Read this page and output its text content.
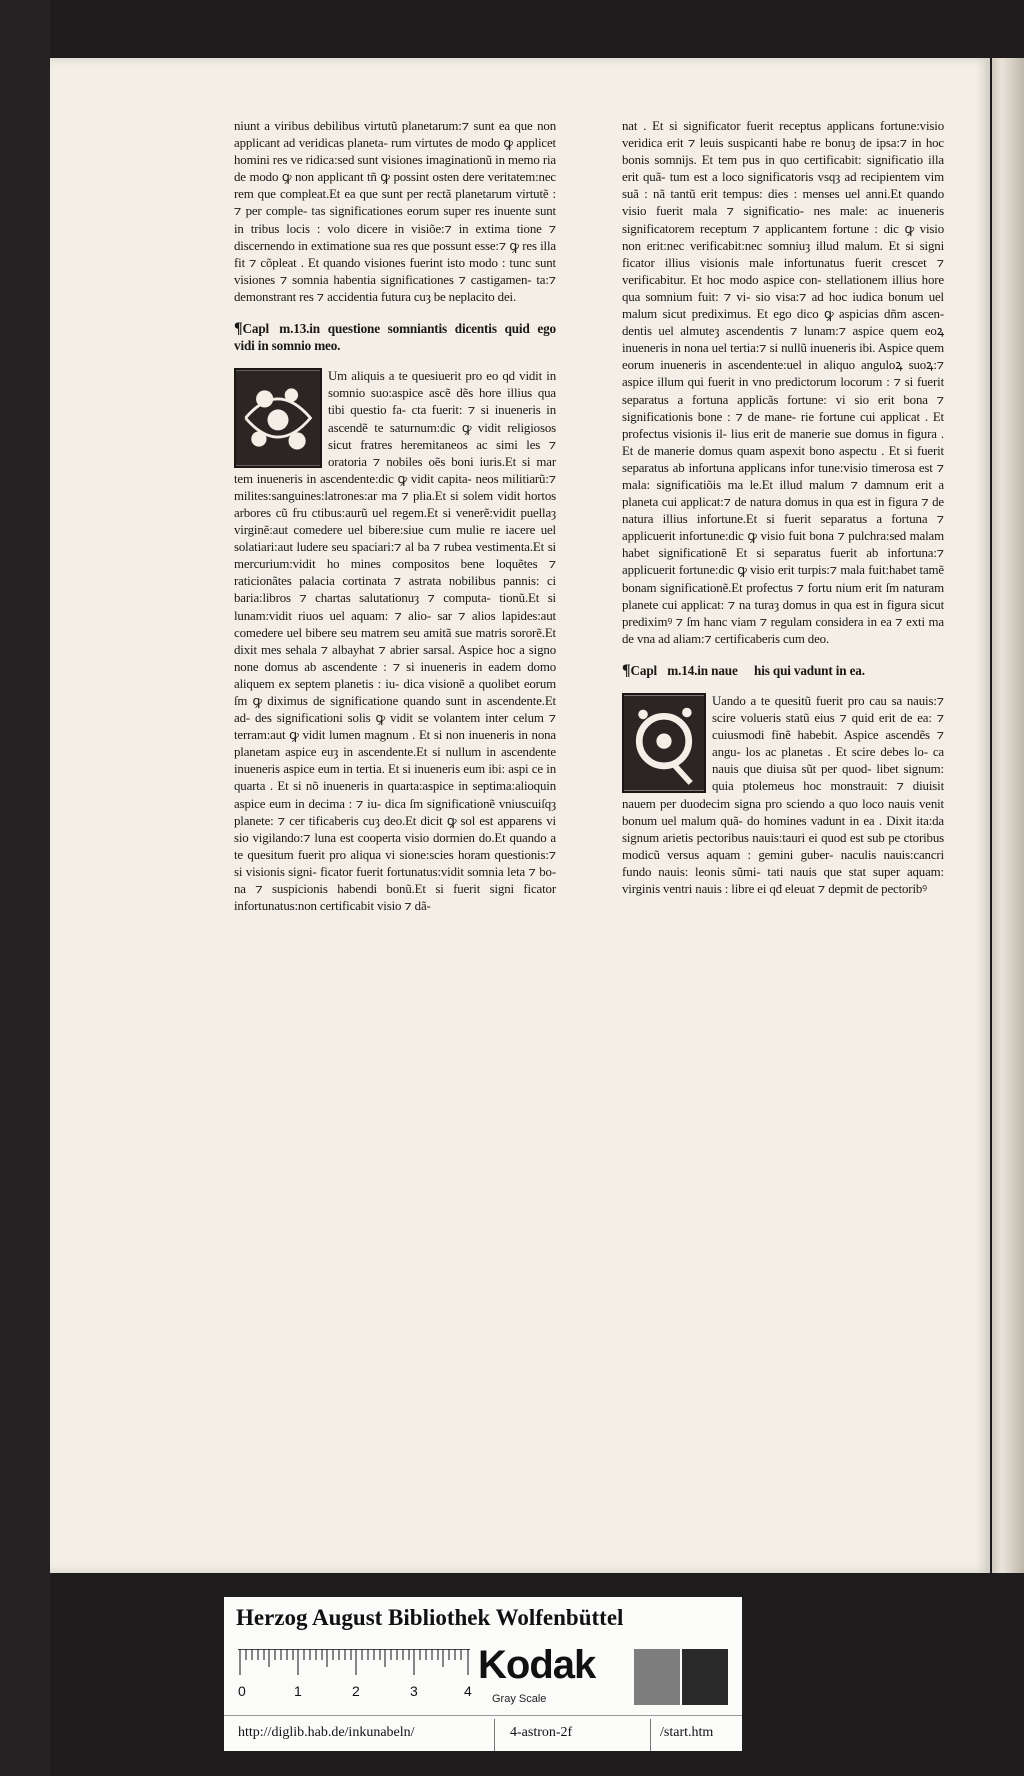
niunt a viribus debilibus virtutũ planetarum:⁊ sunt ea que non applicant ad veridicas planeta‑ rum virtutes de modo ꝙ applicet homini res ve ridica:sed sunt visiones imaginationũ in memo ria de modo ꝙ non applicant tñ ꝙ possint osten dere veritatem:nec rem que compleat.Et ea que sunt per rectã planetarum virtutẽ : ⁊ per comple‑ tas significationes eorum super res inuente sunt in tribus locis : volo dicere in visiõe:⁊ in extima tione ⁊ discernendo in extimatione sua res que possunt esse:⁊ ꝙ res illa fit ⁊ cõpleat . Et quando visiones fuerint isto modo : tunc sunt visiones ⁊ somnia habentia significationes ⁊ castigamen‑ ta:⁊ demonstrant res ⁊ accidentia futura cuȝ be neplacito dei.

¶Capl᷑m.13.in questione somniantis dicentis quid ego vidi in somnio meo.

Um aliquis a te quesiuerit pro eo qd vidit in somnio suo:aspice ascẽ dẽs hore illius qua tibi questio fa‑ cta fuerit: ⁊ si inueneris in ascendẽ te saturnum:dic ꝙ vidit religiosos sicut fratres heremitaneos ac simi les ⁊ oratoria ⁊ nobiles oẽs boni iuris.Et si mar tem inueneris in ascendente:dic ꝙ vidit capita‑ neos militiarũ:⁊ milites:sanguines:latrones:ar ma ⁊ plia.Et si solem vidit hortos arbores cũ fru ctibus:aurũ uel regem.Et si venerẽ:vidit puellaȝ virginẽ:aut comedere uel bibere:siue cum mulie re iacere uel solatiari:aut ludere seu spaciari:⁊ al ba ⁊ rubea vestimenta.Et si mercurium:vidit ho mines compositos bene loquẽtes ⁊ raticionãtes palacia cortinata ⁊ astrata nobilibus pannis: ci baria:libros ⁊ chartas salutationuȝ ⁊ computa‑ tionũ.Et si lunam:vidit riuos uel aquam: ⁊ alio‑ sar ⁊ alios lapides:aut comedere uel bibere seu matrem seu amitã sue matris sororẽ.Et dixit mes sehala ⁊ albayhat ⁊ abrier sarsal. Aspice hoc a signo none domus ab ascendente : ⁊ si inueneris in eadem domo aliquem ex septem planetis : iu‑ dica visionẽ a quolibet eorum ſm ꝙ diximus de significatione quando sunt in ascendente.Et ad‑ des significationi solis ꝙ vidit se volantem inter celum ⁊ terram:aut ꝙ vidit lumen magnum . Et si non inueneris in nona planetam aspice euȝ in ascendente.Et si nullum in ascendente inueneris aspice eum in tertia. Et si inueneris eum ibi: aspi ce in quarta . Et si nõ inueneris in quarta:aspice in septima:alioquin aspice eum in decima : ⁊ iu‑ dica ſm significationẽ vniuscuiſqȝ planete: ⁊ cer tificaberis cuȝ deo.Et dicit ꝙ sol est apparens vi sio vigilando:⁊ luna est cooperta visio dormien do.Et quando a te quesitum fuerit pro aliqua vi sione:scies horam questionis:⁊ si visionis signi‑ ficator fuerit fortunatus:vidit somnia leta ⁊ bo‑ na ⁊ suspicionis habendi bonũ.Et si fuerit signi ficator infortunatus:non certificabit visio ⁊ dã‑

nat . Et si significator fuerit receptus applicans fortune:visio veridica erit ⁊ leuis suspicanti habe re bonuȝ de ipsa:⁊ in hoc bonis somnijs. Et tem pus in quo certificabit: significatio illa erit quã‑ tum est a loco significatoris vsqȝ ad recipientem vim suã : nã tantũ erit tempus: dies : menses uel anni.Et quando visio fuerit mala ⁊ significatio‑ nes male: ac inueneris significatorem receptum ⁊ applicantem fortune : dic ꝙ visio non erit:nec verificabit:nec somniuȝ illud malum. Et si signi ficator illius visionis male infortunatus fuerit crescet ⁊ verificabitur. Et hoc modo aspice con‑ stellationem illius hore qua somnium fuit: ⁊ vi‑ sio visa:⁊ ad hoc iudica bonum uel malum sicut prediximus. Et ego dico ꝙ aspicias dñm ascen‑ dentis uel almuteȝ ascendentis ⁊ lunam:⁊ aspice quem eoꝝ inueneris in nona uel tertia:⁊ si nullũ inueneris ibi. Aspice quem eorum inueneris in ascendente:uel in aliquo anguloꝝ suoꝝ:⁊ aspice illum qui fuerit in vno predictorum locorum : ⁊ si fuerit separatus a fortuna applicãs fortune: vi sio erit bona ⁊ significationis bone : ⁊ de mane‑ rie fortune cui applicat . Et profectus visionis il‑ lius erit de manerie sue domus in figura . Et de manerie domus quam aspexit bono aspectu . Et si fuerit separatus ab infortuna applicans infor tune:visio timerosa est ⁊ mala: significatiõis ma le.Et illud malum ⁊ damnum erit a planeta cui applicat:⁊ de natura domus in qua est in figura ⁊ de natura illius infortune.Et si fuerit separatus a fortuna ⁊ applicuerit infortune:dic ꝙ visio fuit bona ⁊ pulchra:sed malam habet significationẽ Et si separatus fuerit ab infortuna:⁊ applicuerit fortune:dic ꝙ visio erit turpis:⁊ mala fuit:habet tamẽ bonam significationẽ.Et profectus ⁊ fortu nium erit ſm naturam planete cui applicat: ⁊ na turaȝ domus in qua est in figura sicut prediximꝰ ⁊ ſm hanc viam ⁊ regulam considera in ea ⁊ exti ma de vna ad aliam:⁊ certificaberis cum deo.

¶Capl᷑m.14.in naue ⁊ his qui vadunt in ea.

Uando a te quesitũ fuerit pro cau sa nauis:⁊ scire volueris statũ eius ⁊ quid erit de ea: ⁊ cuiusmodi finẽ habebit. Aspice ascendẽs ⁊ angu‑ los ac planetas . Et scire debes lo‑ ca nauis que diuisa sũt per quod‑ libet signum: quia ptolemeus hoc monstrauit: ⁊ diuisit nauem per duodecim signa pro sciendo a quo loco nauis venit bonum uel malum quã‑ do homines vadunt in ea . Dixit ita:da signum arietis pectoribus nauis:tauri ei quod est sub pe ctoribus modicũ versus aquam : gemini guber‑ naculis nauis:cancri fundo nauis: leonis sũmi‑ tati nauis que stat super aquam: virginis ventri nauis : libre ei qđ eleuat ⁊ depmit de pectoribꝰ

Herzog August Bibliothek Wolfenbüttel
0	1	2	3	4
Kodak
Gray Scale
http://diglib.hab.de/inkunabeln/	4-astron-2f	/start.htm
